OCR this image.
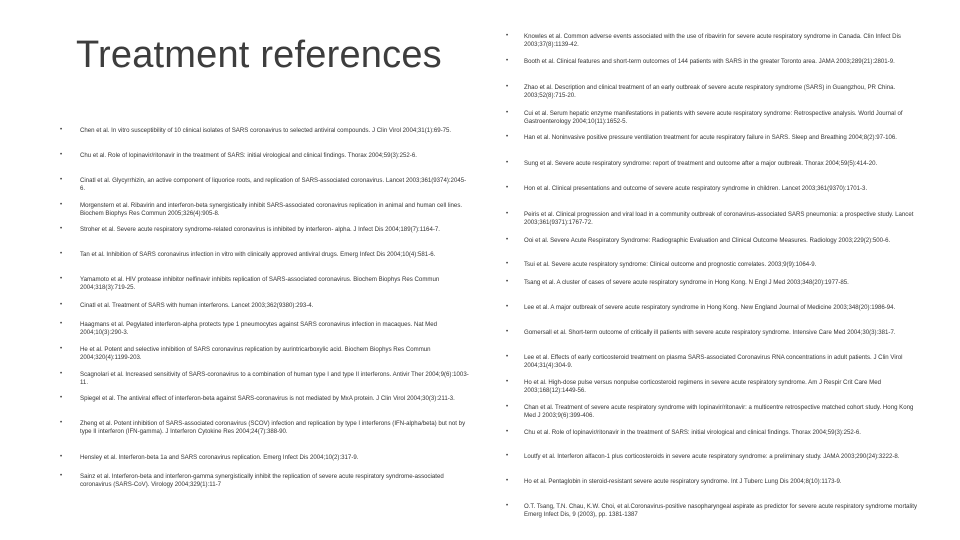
Treatment references
•	Chen et al. In vitro susceptibility of 10 clinical isolates of SARS coronavirus to selected antiviral compounds. J Clin Virol 2004;31(1):69-75.
•	Chu et al. Role of lopinavir/ritonavir in the treatment of SARS: initial virological and clinical findings. Thorax 2004;59(3):252-6.
•	Cinatl et al. Glycyrrhizin, an active component of liquorice roots, and replication of SARS-associated coronavirus. Lancet 2003;361(9374):2045-6.
•	Morgenstern et al. Ribavirin and interferon-beta synergistically inhibit SARS-associated coronavirus replication in animal and human cell lines. Biochem Biophys Res Commun 2005;326(4):905-8.
•	Stroher et al. Severe acute respiratory syndrome-related coronavirus is inhibited by interferon- alpha. J Infect Dis 2004;189(7):1164-7.
•	Tan et al. Inhibition of SARS coronavirus infection in vitro with clinically approved antiviral drugs. Emerg Infect Dis 2004;10(4):581-6.
•	Yamamoto et al. HIV protease inhibitor nelfinavir inhibits replication of SARS-associated coronavirus. Biochem Biophys Res Commun 2004;318(3):719-25.
•	Cinatl et al. Treatment of SARS with human interferons. Lancet 2003;362(9380):293-4.
•	Haagmans et al. Pegylated interferon-alpha protects type 1 pneumocytes against SARS coronavirus infection in macaques. Nat Med 2004;10(3):290-3.
•	He et al. Potent and selective inhibition of SARS coronavirus replication by aurintricarboxylic acid. Biochem Biophys Res Commun 2004;320(4):1199-203.
•	Scagnolari et al. Increased sensitivity of SARS-coronavirus to a combination of human type I and type II interferons. Antivir Ther 2004;9(6):1003-11.
•	Spiegel et al. The antiviral effect of interferon-beta against SARS-coronavirus is not mediated by MxA protein. J Clin Virol 2004;30(3):211-3.
•	Zheng et al. Potent inhibition of SARS-associated coronavirus (SCOV) infection and replication by type I interferons (IFN-alpha/beta) but not by type II interferon (IFN-gamma). J Interferon Cytokine Res 2004;24(7):388-90.
•	Hensley et al. Interferon-beta 1a and SARS coronavirus replication. Emerg Infect Dis 2004;10(2):317-9.
•	Sainz et al. Interferon-beta and interferon-gamma synergistically inhibit the replication of severe acute respiratory syndrome-associated coronavirus (SARS-CoV). Virology 2004;329(1):11-7
•	Knowles et al. Common adverse events associated with the use of ribavirin for severe acute respiratory syndrome in Canada. Clin Infect Dis 2003;37(8):1139-42.
•	Booth et al. Clinical features and short-term outcomes of 144 patients with SARS in the greater Toronto area. JAMA 2003;289(21):2801-9.
•	Zhao et al. Description and clinical treatment of an early outbreak of severe acute respiratory syndrome (SARS) in Guangzhou, PR China. 2003;52(8):715-20.
•	Cui et al. Serum hepatic enzyme manifestations in patients with severe acute respiratory syndrome: Retrospective analysis. World Journal of Gastroenterology 2004;10(11):1652-5.
•	Han et al. Noninvasive positive pressure ventilation treatment for acute respiratory failure in SARS. Sleep and Breathing 2004;8(2):97-106.
•	Sung et al. Severe acute respiratory syndrome: report of treatment and outcome after a major outbreak. Thorax 2004;59(5):414-20.
•	Hon et al. Clinical presentations and outcome of severe acute respiratory syndrome in children. Lancet 2003;361(9370):1701-3.
•	Peiris et al. Clinical progression and viral load in a community outbreak of coronavirus-associated SARS pneumonia: a prospective study. Lancet 2003;361(9371):1767-72.
•	Ooi et al. Severe Acute Respiratory Syndrome: Radiographic Evaluation and Clinical Outcome Measures. Radiology 2003;229(2):500-6.
•	Tsui et al. Severe acute respiratory syndrome: Clinical outcome and prognostic correlates. 2003;9(9):1064-9.
•	Tsang et al. A cluster of cases of severe acute respiratory syndrome in Hong Kong. N Engl J Med 2003;348(20):1977-85.
•	Lee et al. A major outbreak of severe acute respiratory syndrome in Hong Kong. New England Journal of Medicine 2003;348(20):1986-94.
•	Gomersall et al. Short-term outcome of critically ill patients with severe acute respiratory syndrome. Intensive Care Med 2004;30(3):381-7.
•	Lee et al. Effects of early corticosteroid treatment on plasma SARS-associated Coronavirus RNA concentrations in adult patients. J Clin Virol 2004;31(4):304-9.
•	Ho et al. High-dose pulse versus nonpulse corticosteroid regimens in severe acute respiratory syndrome. Am J Respir Crit Care Med 2003;168(12):1449-56.
•	Chan et al. Treatment of severe acute respiratory syndrome with lopinavir/ritonavir: a multicentre retrospective matched cohort study. Hong Kong Med J 2003;9(6):399-406.
•	Chu et al. Role of lopinavir/ritonavir in the treatment of SARS: initial virological and clinical findings. Thorax 2004;59(3):252-6.
•	Loutfy et al. Interferon alfacon-1 plus corticosteroids in severe acute respiratory syndrome: a preliminary study. JAMA 2003;290(24):3222-8.
•	Ho et al. Pentaglobin in steroid-resistant severe acute respiratory syndrome. Int J Tuberc Lung Dis 2004;8(10):1173-9.
•	O.T. Tsang, T.N. Chau, K.W. Choi, et al.Coronavirus-positive nasopharyngeal aspirate as predictor for severe acute respiratory syndrome mortality Emerg Infect Dis, 9 (2003), pp. 1381-1387
